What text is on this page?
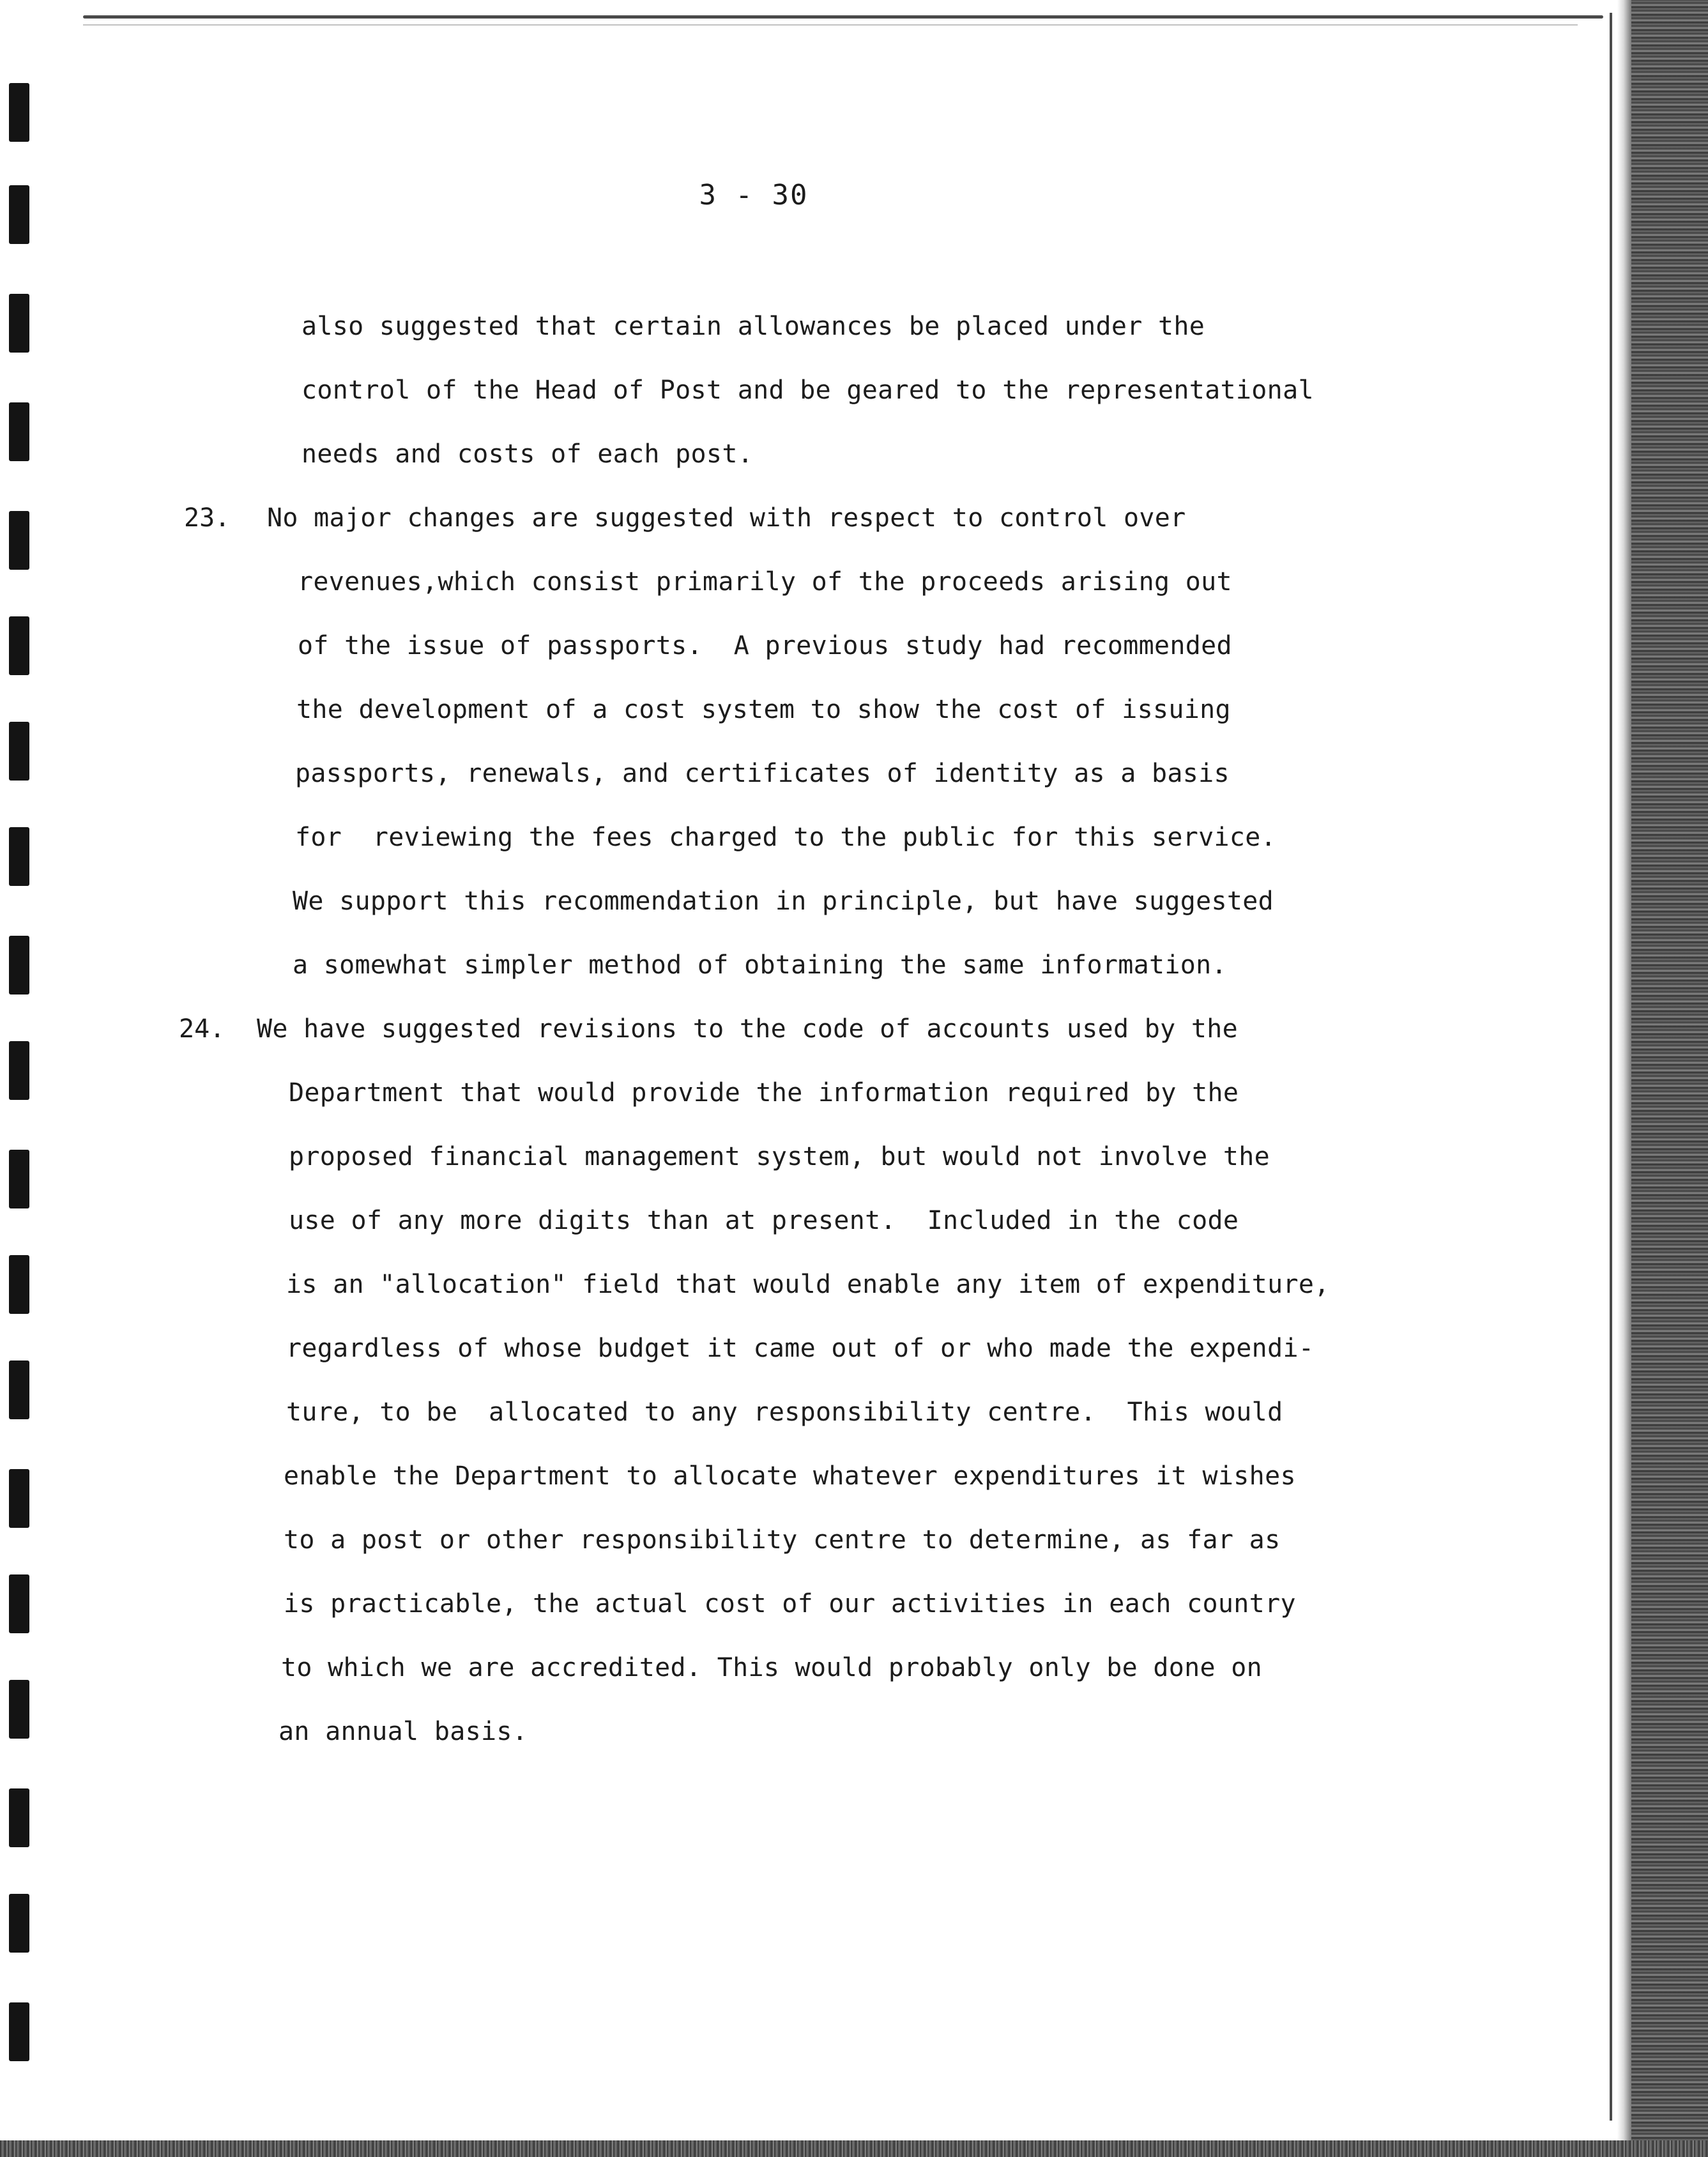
3 - 30
also suggested that certain allowances be placed under the
control of the Head of Post and be geared to the representational
needs and costs of each post.
23. No major changes are suggested with respect to control over
revenues,which consist primarily of the proceeds arising out
of the issue of passports.  A previous study had recommended
the development of a cost system to show the cost of issuing
passports, renewals, and certificates of identity as a basis
for  reviewing the fees charged to the public for this service.
We support this recommendation in principle, but have suggested
a somewhat simpler method of obtaining the same information.
24. We have suggested revisions to the code of accounts used by the
Department that would provide the information required by the
proposed financial management system, but would not involve the
use of any more digits than at present.  Included in the code
is an "allocation" field that would enable any item of expenditure,
regardless of whose budget it came out of or who made the expendi-
ture, to be  allocated to any responsibility centre.  This would
enable the Department to allocate whatever expenditures it wishes
to a post or other responsibility centre to determine, as far as
is practicable, the actual cost of our activities in each country
to which we are accredited. This would probably only be done on
an annual basis.
